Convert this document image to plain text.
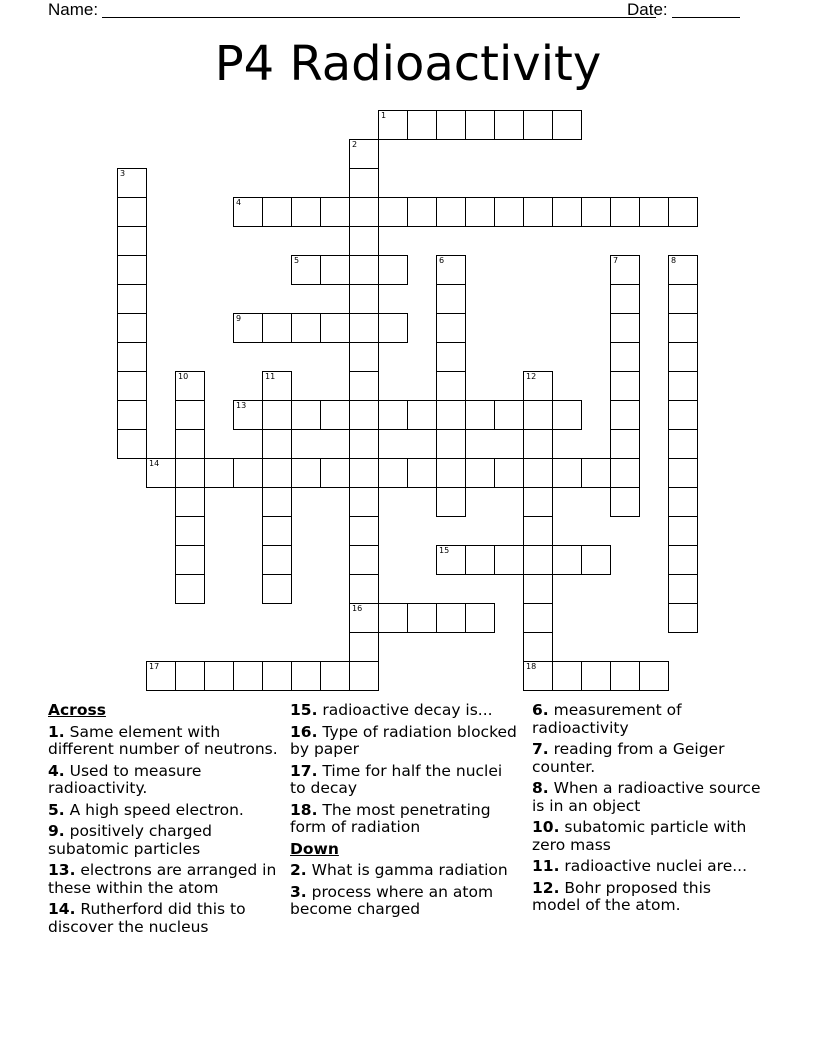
Name:	Date:
P4 Radioactivity
1
2
16
3
4
5	6	7	8
9
10	11	12
18
13
14
15
17
Across
1. Same element with different number of neutrons.
4. Used to measure radioactivity.
5. A high speed electron.
9. positively charged subatomic particles
13. electrons are arranged in these within the atom
14. Rutherford did this to discover the nucleus
15. radioactive decay is...
16. Type of radiation blocked by paper
17. Time for half the nuclei to decay
18. The most penetrating form of radiation
Down
2. What is gamma radiation
3. process where an atom become charged
6. measurement of radioactivity
7. reading from a Geiger counter.
8. When a radioactive source is in an object
10. subatomic particle with zero mass
11. radioactive nuclei are...
12. Bohr proposed this model of the atom.
